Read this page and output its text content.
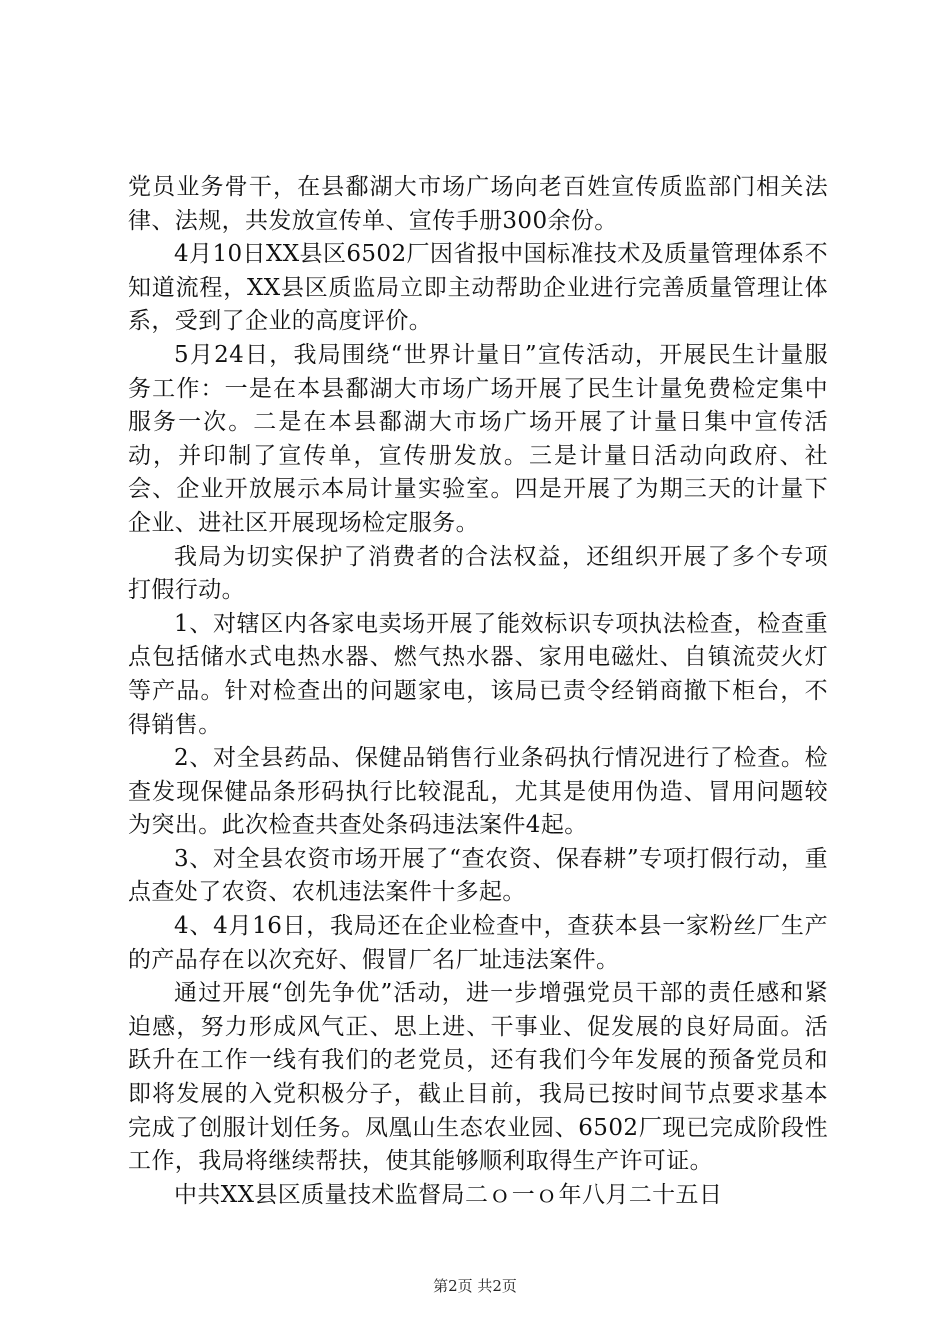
党员业务骨干，在县鄱湖大市场广场向老百姓宣传质监部门相关法律、法规，共发放宣传单、宣传手册300余份。

4月10日XX县区6502厂因省报中国标准技术及质量管理体系不知道流程，XX县区质监局立即主动帮助企业进行完善质量管理让体系，受到了企业的高度评价。

5月24日，我局围绕“世界计量日”宣传活动，开展民生计量服务工作：一是在本县鄱湖大市场广场开展了民生计量免费检定集中服务一次。二是在本县鄱湖大市场广场开展了计量日集中宣传活动，并印制了宣传单，宣传册发放。三是计量日活动向政府、社会、企业开放展示本局计量实验室。四是开展了为期三天的计量下企业、进社区开展现场检定服务。

我局为切实保护了消费者的合法权益，还组织开展了多个专项打假行动。

1、对辖区内各家电卖场开展了能效标识专项执法检查，检查重点包括储水式电热水器、燃气热水器、家用电磁灶、自镇流荧火灯等产品。针对检查出的问题家电，该局已责令经销商撤下柜台，不得销售。

2、对全县药品、保健品销售行业条码执行情况进行了检查。检查发现保健品条形码执行比较混乱，尤其是使用伪造、冒用问题较为突出。此次检查共查处条码违法案件4起。

3、对全县农资市场开展了“查农资、保春耕”专项打假行动，重点查处了农资、农机违法案件十多起。

4、4月16日，我局还在企业检查中，查获本县一家粉丝厂生产的产品存在以次充好、假冒厂名厂址违法案件。

通过开展“创先争优”活动，进一步增强党员干部的责任感和紧迫感，努力形成风气正、思上进、干事业、促发展的良好局面。活跃升在工作一线有我们的老党员，还有我们今年发展的预备党员和即将发展的入党积极分子，截止目前，我局已按时间节点要求基本完成了创服计划任务。凤凰山生态农业园、6502厂现已完成阶段性工作，我局将继续帮扶，使其能够顺利取得生产许可证。

中共XX县区质量技术监督局二ｏ一ｏ年八月二十五日

第2页 共2页
